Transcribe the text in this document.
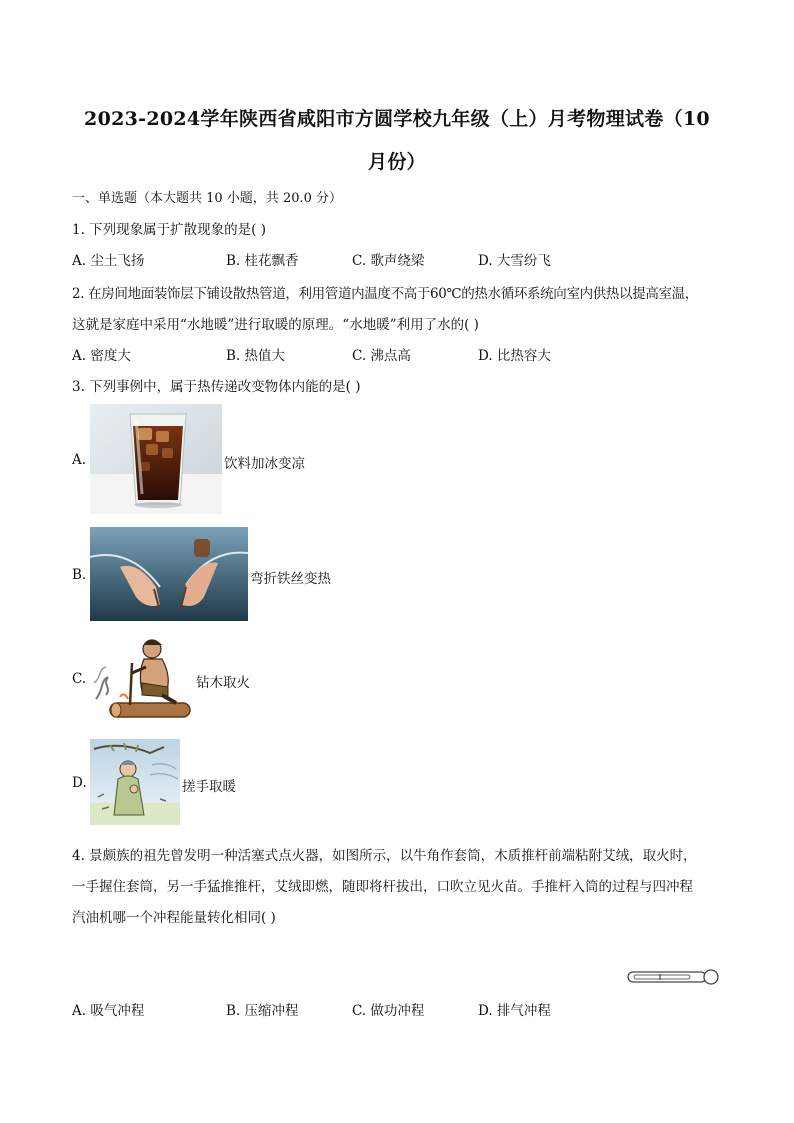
2023-2024学年陕西省咸阳市方圆学校九年级（上）月考物理试卷（10
月份）
一、单选题（本大题共 10 小题，共 20.0 分）
1. 下列现象属于扩散现象的是( )
A. 尘土飞扬	B. 桂花飘香	C. 歌声绕梁	D. 大雪纷飞
2. 在房间地面装饰层下铺设散热管道，利用管道内温度不高于60℃的热水循环系统向室内供热以提高室温，
这就是家庭中采用“水地暖”进行取暖的原理。“水地暖”利用了水的( )
A. 密度大	B. 热值大	C. 沸点高	D. 比热容大
3. 下列事例中，属于热传递改变物体内能的是( )
A.	饮料加冰变凉
B.	弯折铁丝变热
C.	钻木取火
D.	搓手取暖
4. 景颇族的祖先曾发明一种活塞式点火器，如图所示，以牛角作套筒，木质推杆前端粘附艾绒，取火时，
一手握住套筒，另一手猛推推杆，艾绒即燃，随即将杆拔出，口吹立见火苗。手推杆入筒的过程与四冲程
汽油机哪一个冲程能量转化相同( )
A. 吸气冲程	B. 压缩冲程	C. 做功冲程	D. 排气冲程
